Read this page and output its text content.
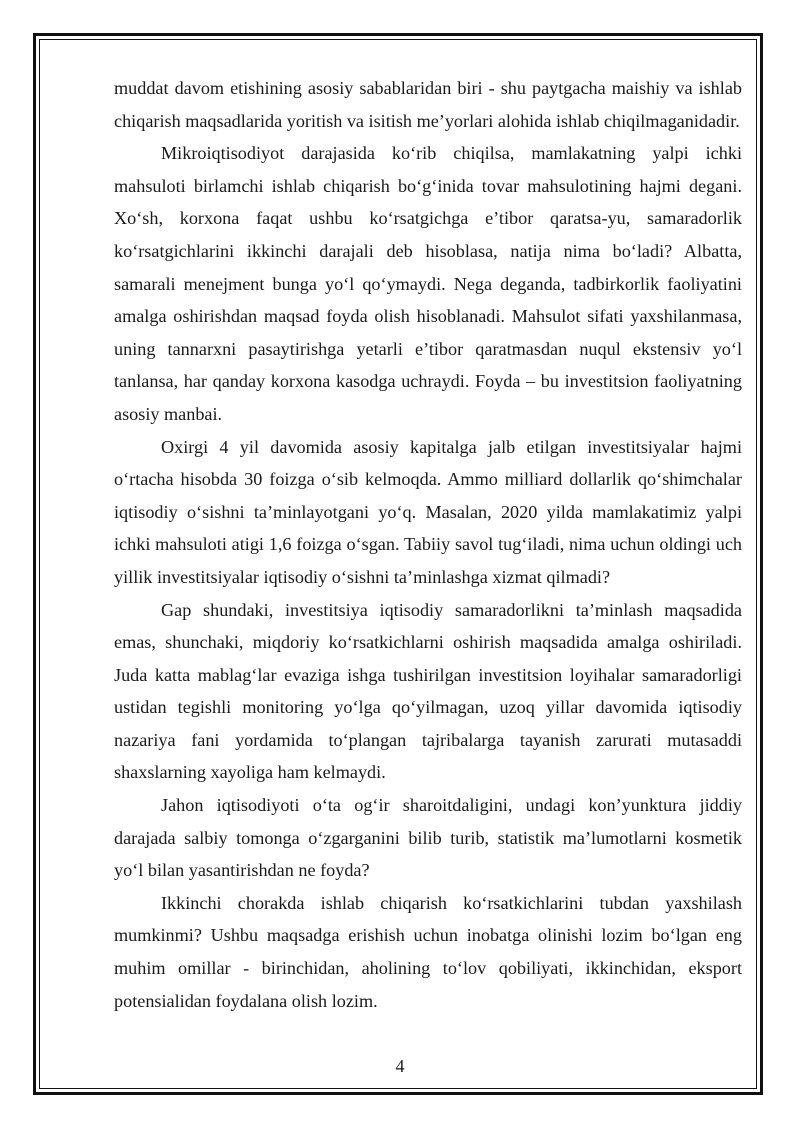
muddat davom etishining asosiy sabablaridan biri - shu paytgacha maishiy va ishlab chiqarish maqsadlarida yoritish va isitish me’yorlari alohida ishlab chiqilmaganidadir.

Mikroiqtisodiyot darajasida ko‘rib chiqilsa, mamlakatning yalpi ichki mahsuloti birlamchi ishlab chiqarish bo‘g‘inida tovar mahsulotining hajmi degani. Xo‘sh, korxona faqat ushbu ko‘rsatgichga e’tibor qaratsa-yu, samaradorlik ko‘rsatgichlarini ikkinchi darajali deb hisoblasa, natija nima bo‘ladi? Albatta, samarali menejment bunga yo‘l qo‘ymaydi. Nega deganda, tadbirkorlik faoliyatini amalga oshirishdan maqsad foyda olish hisoblanadi. Mahsulot sifati yaxshilanmasa, uning tannarxni pasaytirishga yetarli e’tibor qaratmasdan nuqul ekstensiv yo‘l tanlansa, har qanday korxona kasodga uchraydi. Foyda – bu investitsion faoliyatning asosiy manbai.

Oxirgi 4 yil davomida asosiy kapitalga jalb etilgan investitsiyalar hajmi o‘rtacha hisobda 30 foizga o‘sib kelmoqda. Ammo milliard dollarlik qo‘shimchalar iqtisodiy o‘sishni ta’minlayotgani yo‘q. Masalan, 2020 yilda mamlakatimiz yalpi ichki mahsuloti atigi 1,6 foizga o‘sgan. Tabiiy savol tug‘iladi, nima uchun oldingi uch yillik investitsiyalar iqtisodiy o‘sishni ta’minlashga xizmat qilmadi?

Gap shundaki, investitsiya iqtisodiy samaradorlikni ta’minlash maqsadida emas, shunchaki, miqdoriy ko‘rsatkichlarni oshirish maqsadida amalga oshiriladi. Juda katta mablag‘lar evaziga ishga tushirilgan investitsion loyihalar samaradorligi ustidan tegishli monitoring yo‘lga qo‘yilmagan, uzoq yillar davomida iqtisodiy nazariya fani yordamida to‘plangan tajribalarga tayanish zarurati mutasaddi shaxslarning xayoliga ham kelmaydi.

Jahon iqtisodiyoti o‘ta og‘ir sharoitdaligini, undagi kon’yunktura jiddiy darajada salbiy tomonga o‘zgarganini bilib turib, statistik ma’lumotlarni kosmetik yo‘l bilan yasantirishdan ne foyda?

Ikkinchi chorakda ishlab chiqarish ko‘rsatkichlarini tubdan yaxshilash mumkinmi? Ushbu maqsadga erishish uchun inobatga olinishi lozim bo‘lgan eng muhim omillar - birinchidan, aholining to‘lov qobiliyati, ikkinchidan, eksport potensialidan foydalana olish lozim.

4
